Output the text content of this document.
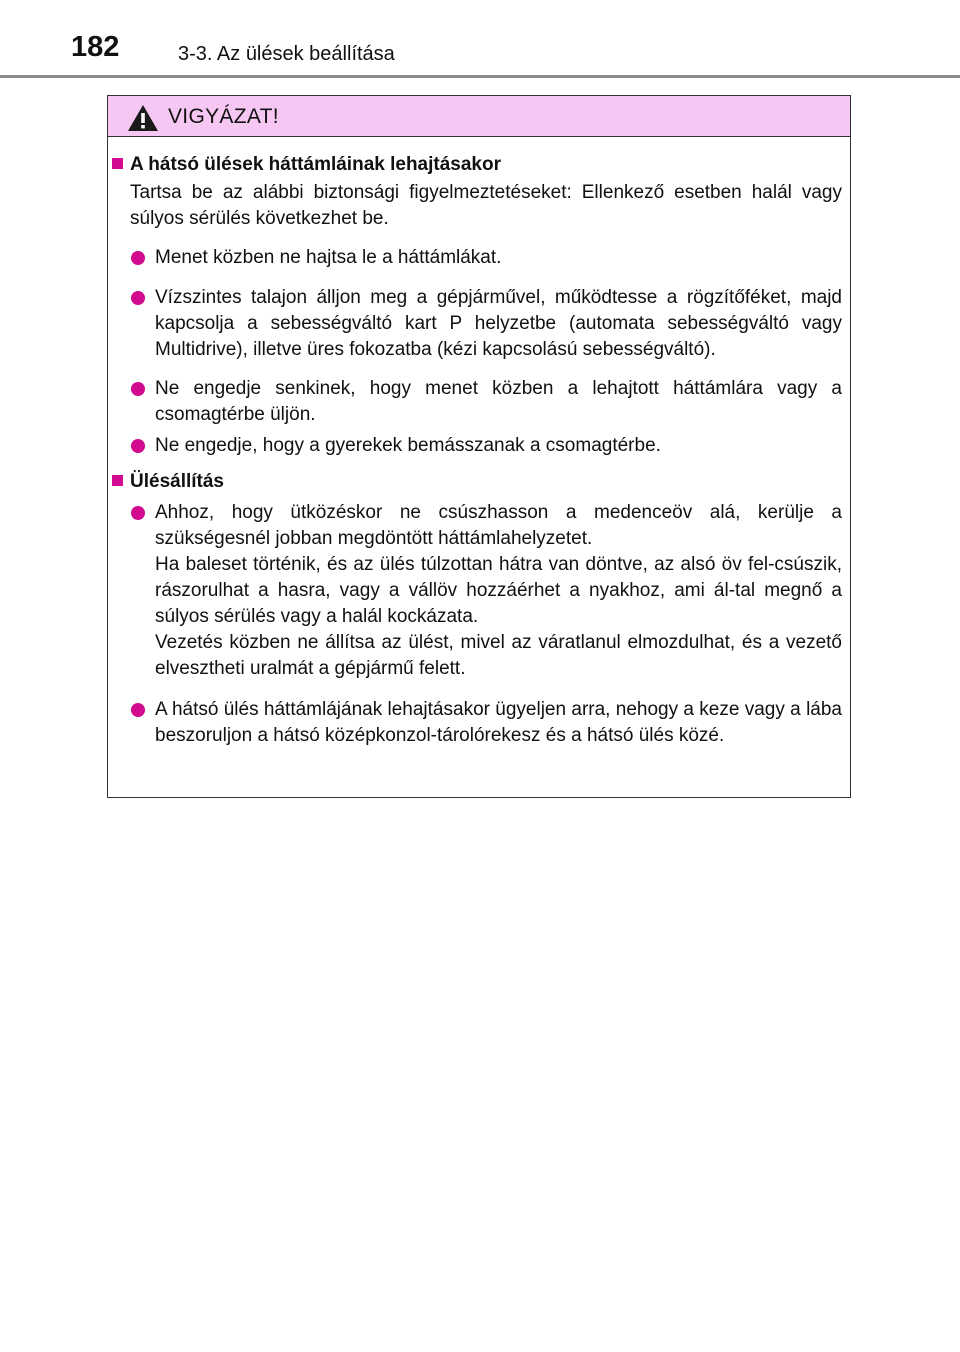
182	3-3. Az ülések beállítása
VIGYÁZAT!
A hátsó ülések háttámláinak lehajtásakor
Tartsa be az alábbi biztonsági figyelmeztetéseket: Ellenkező esetben halál vagy súlyos sérülés következhet be.
Menet közben ne hajtsa le a háttámlákat.
Vízszintes talajon álljon meg a gépjárművel, működtesse a rögzítőféket, majd kapcsolja a sebességváltó kart P helyzetbe (automata sebességváltó vagy Multidrive), illetve üres fokozatba (kézi kapcsolású sebességváltó).
Ne engedje senkinek, hogy menet közben a lehajtott háttámlára vagy a csomagtérbe üljön.
Ne engedje, hogy a gyerekek bemásszanak a csomagtérbe.
Ülésállítás

Ahhoz, hogy ütközéskor ne csúszhasson a medenceöv alá, kerülje a szükségesnél jobban megdöntött háttámlahelyzetet.

Ha baleset történik, és az ülés túlzottan hátra van döntve, az alsó öv fel-csúszik, rászorulhat a hasra, vagy a vállöv hozzáérhet a nyakhoz, ami ál-tal megnő a súlyos sérülés vagy a halál kockázata.

Vezetés közben ne állítsa az ülést, mivel az váratlanul elmozdulhat, és a vezető elvesztheti uralmát a gépjármű felett.

A hátsó ülés háttámlájának lehajtásakor ügyeljen arra, nehogy a keze vagy a lába beszoruljon a hátsó középkonzol-tárolórekesz és a hátsó ülés közé.
